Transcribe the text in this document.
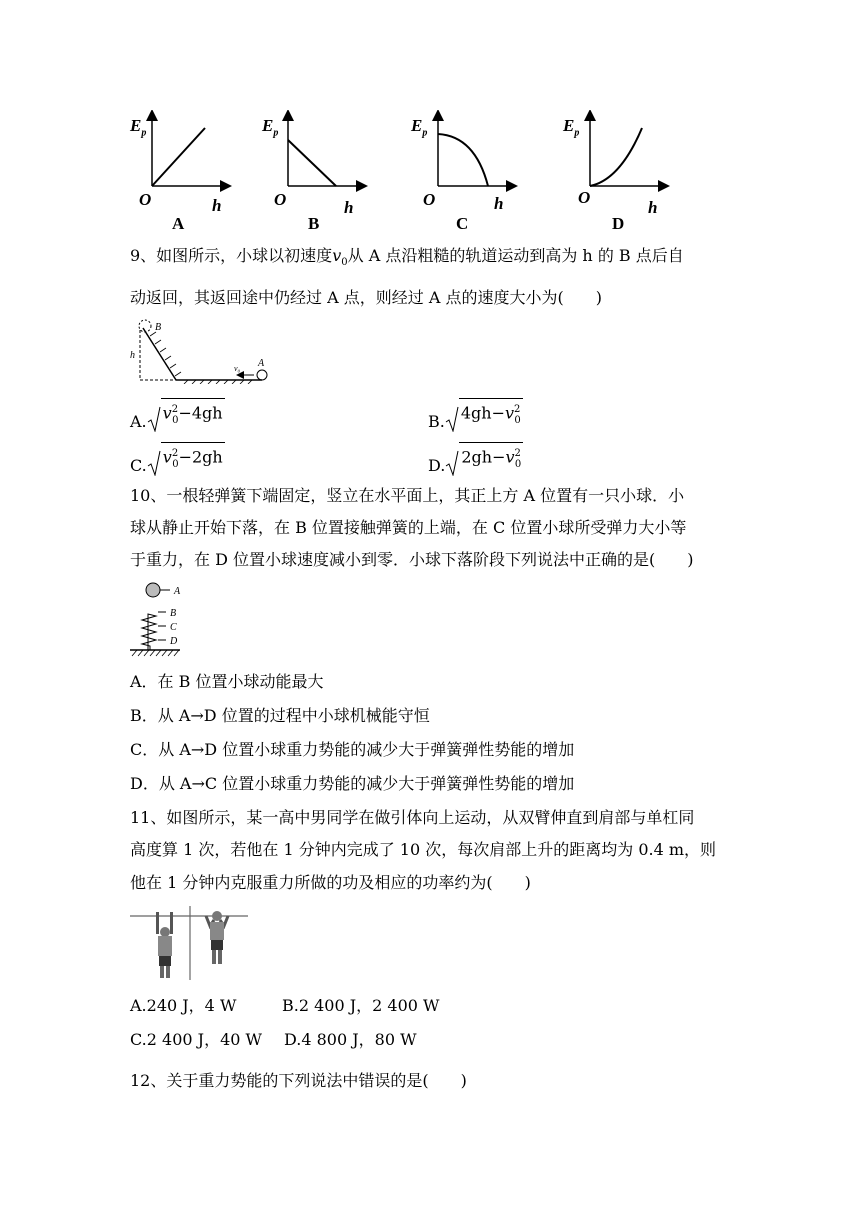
$E_p$
O	h
A
$E_p$
O	h
B
$E_p$
O	h
C
$E_p$
O
h
D
9、如图所示，小球以初速度$v_0$从 A 点沿粗糙的轨道运动到高为 h 的 B 点后自
动返回，其返回途中仍经过 A 点，则经过 A 点的速度大小为(　　)
B
h
A
v₀
A. $v^2_0-4gh$	B. $4gh-v^2_0$
C. $v^2_0-2gh$	D. $2gh-v^2_0$
10、一根轻弹簧下端固定，竖立在水平面上，其正上方 A 位置有一只小球．小
球从静止开始下落，在 B 位置接触弹簧的上端，在 C 位置小球所受弹力大小等
于重力，在 D 位置小球速度减小到零．小球下落阶段下列说法中正确的是(　　)
A
B
C
D
A．在 B 位置小球动能最大
B．从 A→D 位置的过程中小球机械能守恒
C．从 A→D 位置小球重力势能的减少大于弹簧弹性势能的增加
D．从 A→C 位置小球重力势能的减少大于弹簧弹性势能的增加
11、如图所示，某一高中男同学在做引体向上运动，从双臂伸直到肩部与单杠同
高度算 1 次，若他在 1 分钟内完成了 10 次，每次肩部上升的距离均为 0.4 m，则
他在 1 分钟内克服重力所做的功及相应的功率约为(　　)
A.240 J，4 W	B.2 400 J，2 400 W
C.2 400 J，40 W D.4 800 J，80 W
12、关于重力势能的下列说法中错误的是(　　)
